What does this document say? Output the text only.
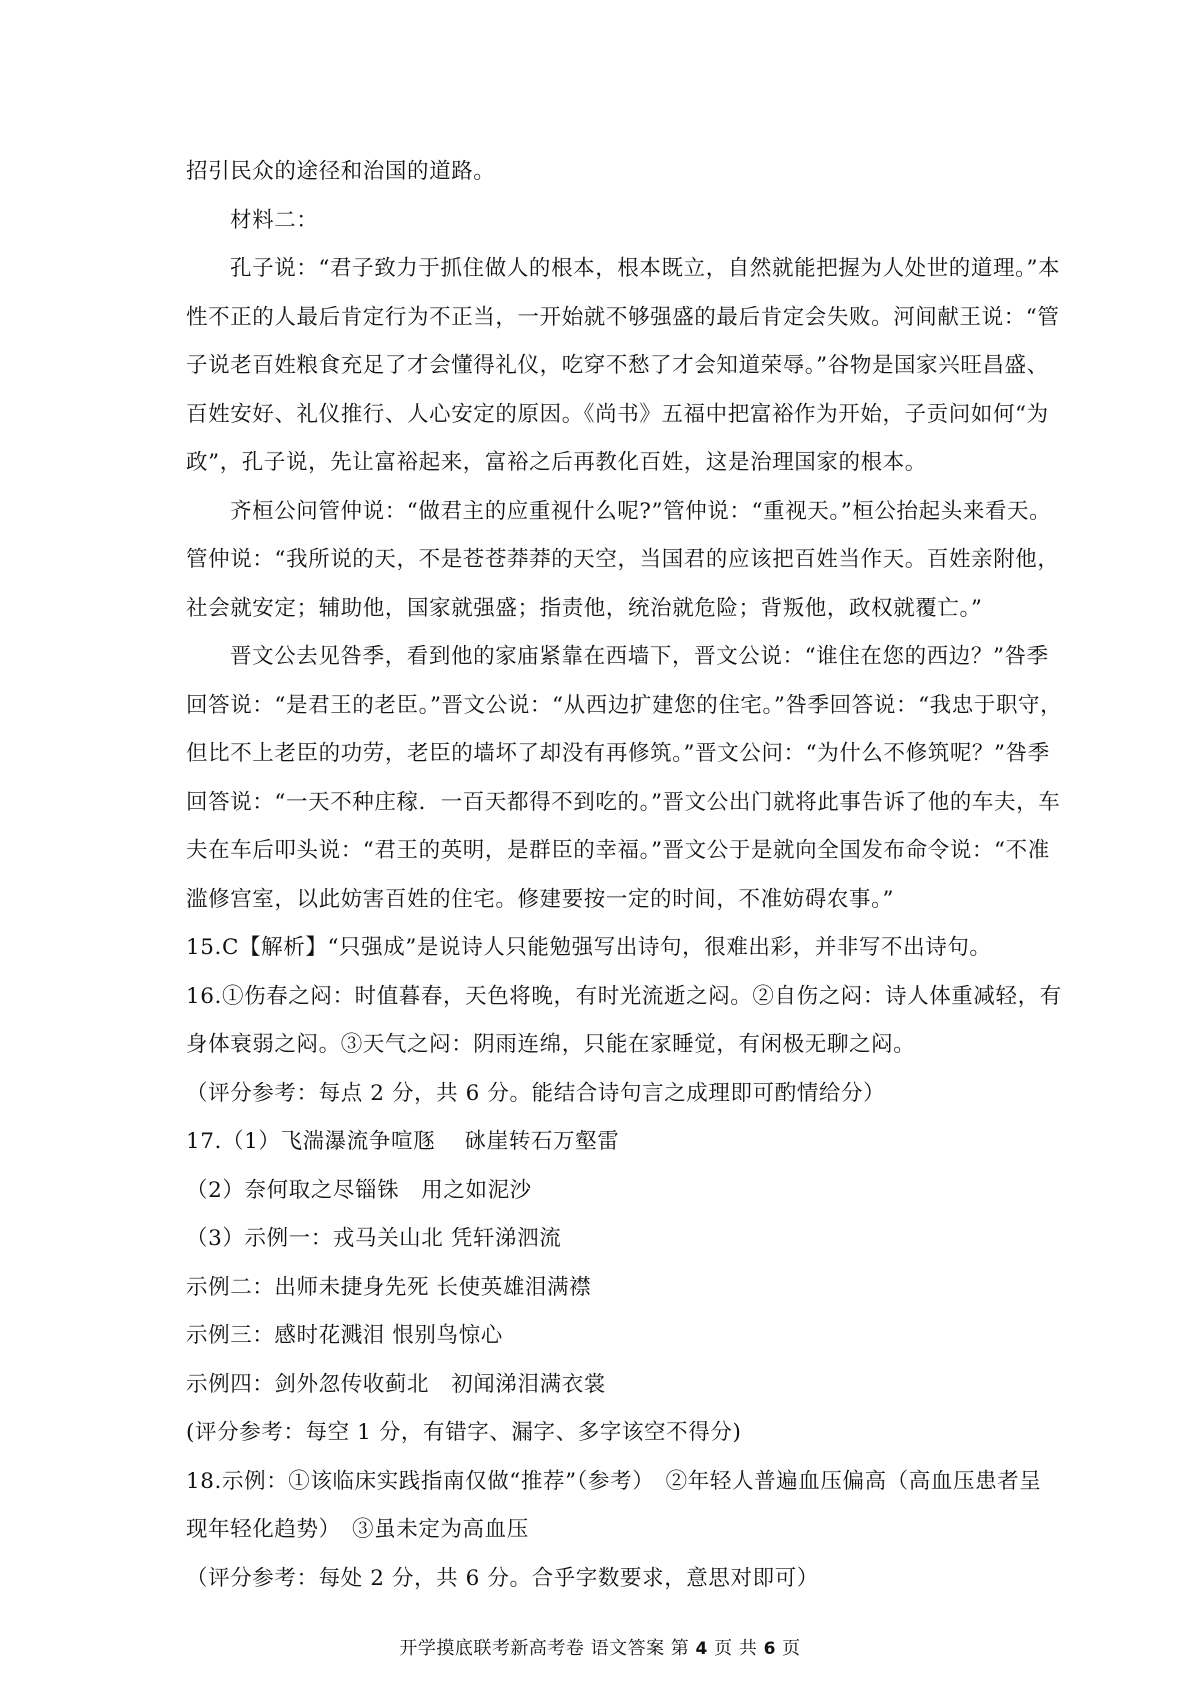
招引民众的途径和治国的道路。
材料二：
孔子说：“君子致力于抓住做人的根本，根本既立，自然就能把握为人处世的道理。”本
性不正的人最后肯定行为不正当，一开始就不够强盛的最后肯定会失败。河间献王说：“管
子说老百姓粮食充足了才会懂得礼仪，吃穿不愁了才会知道荣辱。”谷物是国家兴旺昌盛、
百姓安好、礼仪推行、人心安定的原因。《尚书》五福中把富裕作为开始，子贡问如何“为
政”，孔子说，先让富裕起来，富裕之后再教化百姓，这是治理国家的根本。
齐桓公问管仲说：“做君主的应重视什么呢?”管仲说：“重视天。”桓公抬起头来看天。
管仲说：“我所说的天，不是苍苍莽莽的天空，当国君的应该把百姓当作天。百姓亲附他，
社会就安定；辅助他，国家就强盛；指责他，统治就危险；背叛他，政权就覆亡。”
晋文公去见咎季，看到他的家庙紧靠在西墙下，晋文公说：“谁住在您的西边？”咎季
回答说：“是君王的老臣。”晋文公说：“从西边扩建您的住宅。”咎季回答说：“我忠于职守，
但比不上老臣的功劳，老臣的墙坏了却没有再修筑。”晋文公问：“为什么不修筑呢？”咎季
回答说：“一天不种庄稼．一百天都得不到吃的。”晋文公出门就将此事告诉了他的车夫，车
夫在车后叩头说：“君王的英明，是群臣的幸福。”晋文公于是就向全国发布命令说：“不准
滥修宫室，以此妨害百姓的住宅。修建要按一定的时间，不准妨碍农事。”
15.C【解析】“只强成”是说诗人只能勉强写出诗句，很难出彩，并非写不出诗句。
16.①伤春之闷：时值暮春，天色将晚，有时光流逝之闷。②自伤之闷：诗人体重减轻，有
身体衰弱之闷。③天气之闷：阴雨连绵，只能在家睡觉，有闲极无聊之闷。
（评分参考：每点 2 分，共 6 分。能结合诗句言之成理即可酌情给分）
17.（1）飞湍瀑流争喧豗　 砯崖转石万壑雷
（2）奈何取之尽锱铢　用之如泥沙
（3）示例一：戎马关山北 凭轩涕泗流
示例二：出师未捷身先死 长使英雄泪满襟
示例三：感时花溅泪 恨别鸟惊心
示例四：剑外忽传收蓟北　初闻涕泪满衣裳
(评分参考：每空 1 分，有错字、漏字、多字该空不得分)
18.示例：①该临床实践指南仅做“推荐”（参考）　②年轻人普遍血压偏高（高血压患者呈
现年轻化趋势）　③虽未定为高血压
（评分参考：每处 2 分，共 6 分。合乎字数要求，意思对即可）
开学摸底联考新高考卷 语文答案 第 4 页 共 6 页
